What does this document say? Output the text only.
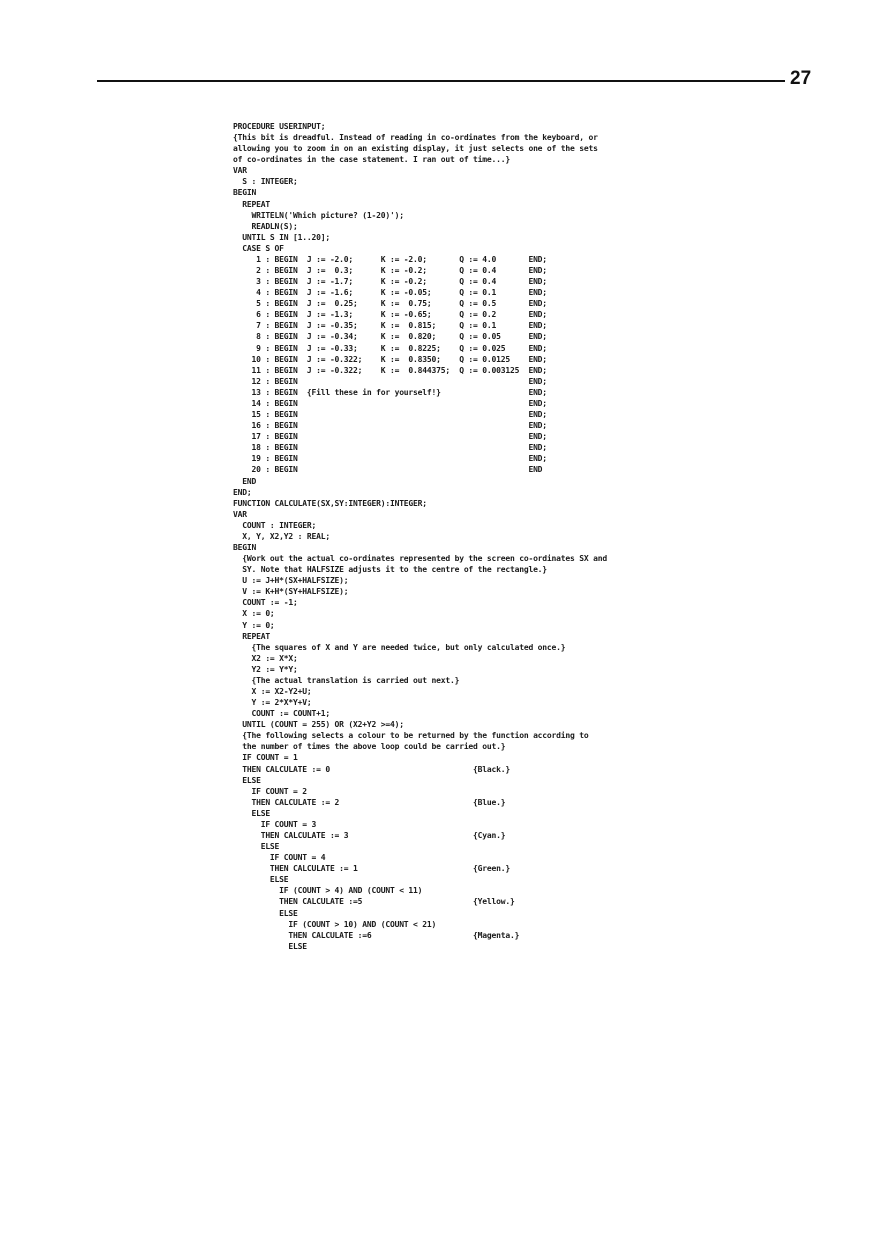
27
PROCEDURE USERINPUT;
{This bit is dreadful. Instead of reading in co-ordinates from the keyboard, or
allowing you to zoom in on an existing display, it just selects one of the sets
of co-ordinates in the case statement. I ran out of time...}
VAR
S : INTEGER;
BEGIN
REPEAT
WRITELN('Which picture? (1-20)');
READLN(S);
UNTIL S IN [1..20];
CASE S OF
1 : BEGIN  J := -2.0;      K := -2.0;       Q := 4.0       END;
2 : BEGIN  J :=  0.3;      K := -0.2;       Q := 0.4       END;
3 : BEGIN  J := -1.7;      K := -0.2;       Q := 0.4       END;
4 : BEGIN  J := -1.6;      K := -0.05;      Q := 0.1       END;
5 : BEGIN  J :=  0.25;     K :=  0.75;      Q := 0.5       END;
6 : BEGIN  J := -1.3;      K := -0.65;      Q := 0.2       END;
7 : BEGIN  J := -0.35;     K :=  0.815;     Q := 0.1       END;
8 : BEGIN  J := -0.34;     K :=  0.820;     Q := 0.05      END;
9 : BEGIN  J := -0.33;     K :=  0.8225;    Q := 0.025     END;
10 : BEGIN  J := -0.322;    K :=  0.8350;    Q := 0.0125    END;
11 : BEGIN  J := -0.322;    K :=  0.844375;  Q := 0.003125  END;
12 : BEGIN                                                  END;
13 : BEGIN  {Fill these in for yourself!}                   END;
14 : BEGIN                                                  END;
15 : BEGIN                                                  END;
16 : BEGIN                                                  END;
17 : BEGIN                                                  END;
18 : BEGIN                                                  END;
19 : BEGIN                                                  END;
20 : BEGIN                                                  END
END
END;
FUNCTION CALCULATE(SX,SY:INTEGER):INTEGER;
VAR
COUNT : INTEGER;
X, Y, X2,Y2 : REAL;
BEGIN
{Work out the actual co-ordinates represented by the screen co-ordinates SX and
SY. Note that HALFSIZE adjusts it to the centre of the rectangle.}
U := J+H*(SX+HALFSIZE);
V := K+H*(SY+HALFSIZE);
COUNT := -1;
X := 0;
Y := 0;
REPEAT
{The squares of X and Y are needed twice, but only calculated once.}
X2 := X*X;
Y2 := Y*Y;
{The actual translation is carried out next.}
X := X2-Y2+U;
Y := 2*X*Y+V;
COUNT := COUNT+1;
UNTIL (COUNT = 255) OR (X2+Y2 >=4);
{The following selects a colour to be returned by the function according to
the number of times the above loop could be carried out.}
IF COUNT = 1
THEN CALCULATE := 0                               {Black.}
ELSE
IF COUNT = 2
THEN CALCULATE := 2                             {Blue.}
ELSE
IF COUNT = 3
THEN CALCULATE := 3                           {Cyan.}
ELSE
IF COUNT = 4
THEN CALCULATE := 1                         {Green.}
ELSE
IF (COUNT > 4) AND (COUNT < 11)
THEN CALCULATE :=5                        {Yellow.}
ELSE
IF (COUNT > 10) AND (COUNT < 21)
THEN CALCULATE :=6                      {Magenta.}
ELSE
